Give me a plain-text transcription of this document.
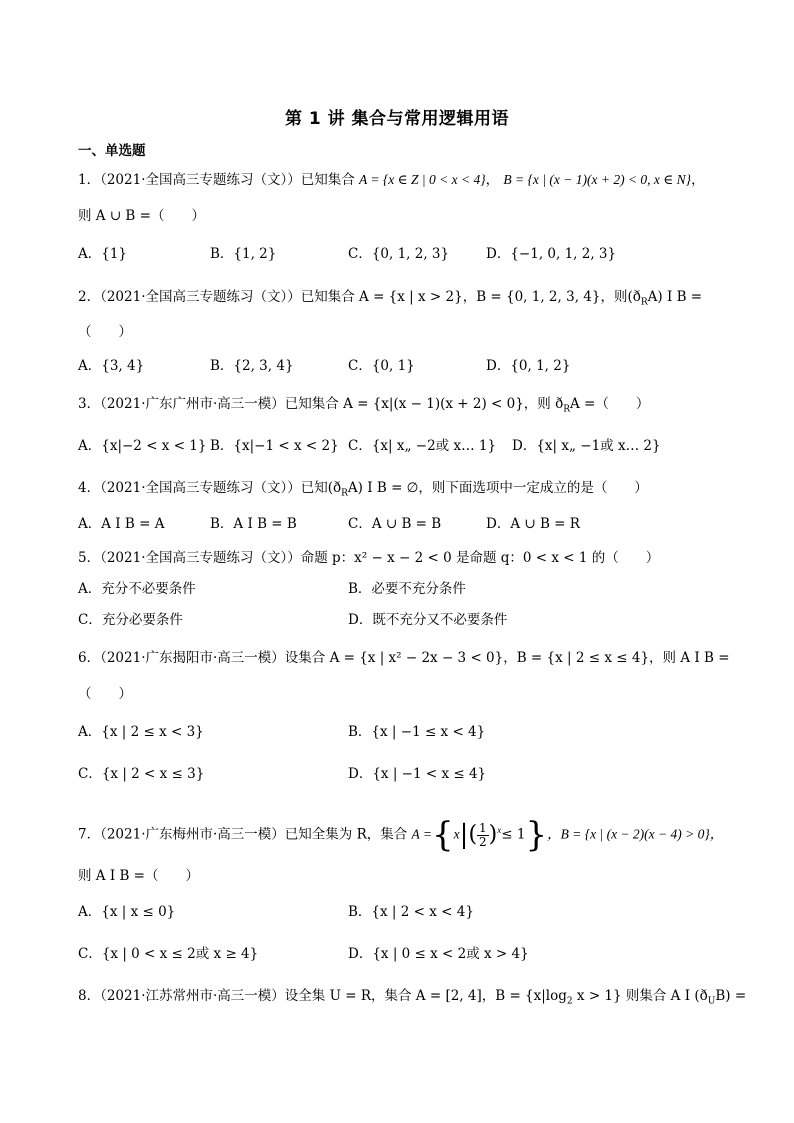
第 1 讲 集合与常用逻辑用语
一、单选题
1．（2021·全国高三专题练习（文））已知集合 A = {x ∈ Z | 0 < x < 4}， B = {x | (x − 1)(x + 2) < 0, x ∈ N}，
则 A ∪ B =（　　）
A．{1}	B．{1, 2}	C．{0, 1, 2, 3}	D．{−1, 0, 1, 2, 3}
2．（2021·全国高三专题练习（文））已知集合 A = {x | x > 2}，B = {0, 1, 2, 3, 4}，则$(ð_RA)$ I B =
（　　）
A．{3, 4}	B．{2, 3, 4}	C．{0, 1}	D．{0, 1, 2}
3．（2021·广东广州市·高三一模）已知集合 A = {x|(x − 1)(x + 2) < 0}，则 $ð_RA$ =（　　）
A．{x|−2 < x < 1} B．{x|−1 < x < 2} C．{x| x„ −2或 x… 1} D．{x| x„ −1或 x… 2}
4．（2021·全国高三专题练习（文））已知$(ð_RA)$ I B = ∅，则下面选项中一定成立的是（　　）
A．A I B = A	B．A I B = B	C．A ∪ B = B	D．A ∪ B = R
5．（2021·全国高三专题练习（文））命题 p：x² − x − 2 < 0 是命题 q：0 < x < 1 的（　　）
A．充分不必要条件	B．必要不充分条件
C．充分必要条件	D．既不充分又不必要条件
6．（2021·广东揭阳市·高三一模）设集合 A = {x | x² − 2x − 3 < 0}，B = {x | 2 ≤ x ≤ 4}，则 A I B =
（　　）
A．{x | 2 ≤ x < 3}	B．{x | −1 ≤ x < 4}
C．{x | 2 < x ≤ 3}	D．{x | −1 < x ≤ 4}
7．（2021·广东梅州市·高三一模）已知全集为 R，集合 $A =\{x|( \frac{1}{2} )^x\le 1\}$，B = {x | (x − 2)(x − 4) > 0}，
则 A I B =（　　）
A．{x | x ≤ 0}	B．{x | 2 < x < 4}
C．{x | 0 < x ≤ 2或 x ≥ 4}	D．{x | 0 ≤ x < 2或 x > 4}
8．（2021·江苏常州市·高三一模）设全集 U = R，集合 A = [2, 4]，$B = \{x|\log_2$ x > 1} 则集合 A I $(ð_UB)$ =
